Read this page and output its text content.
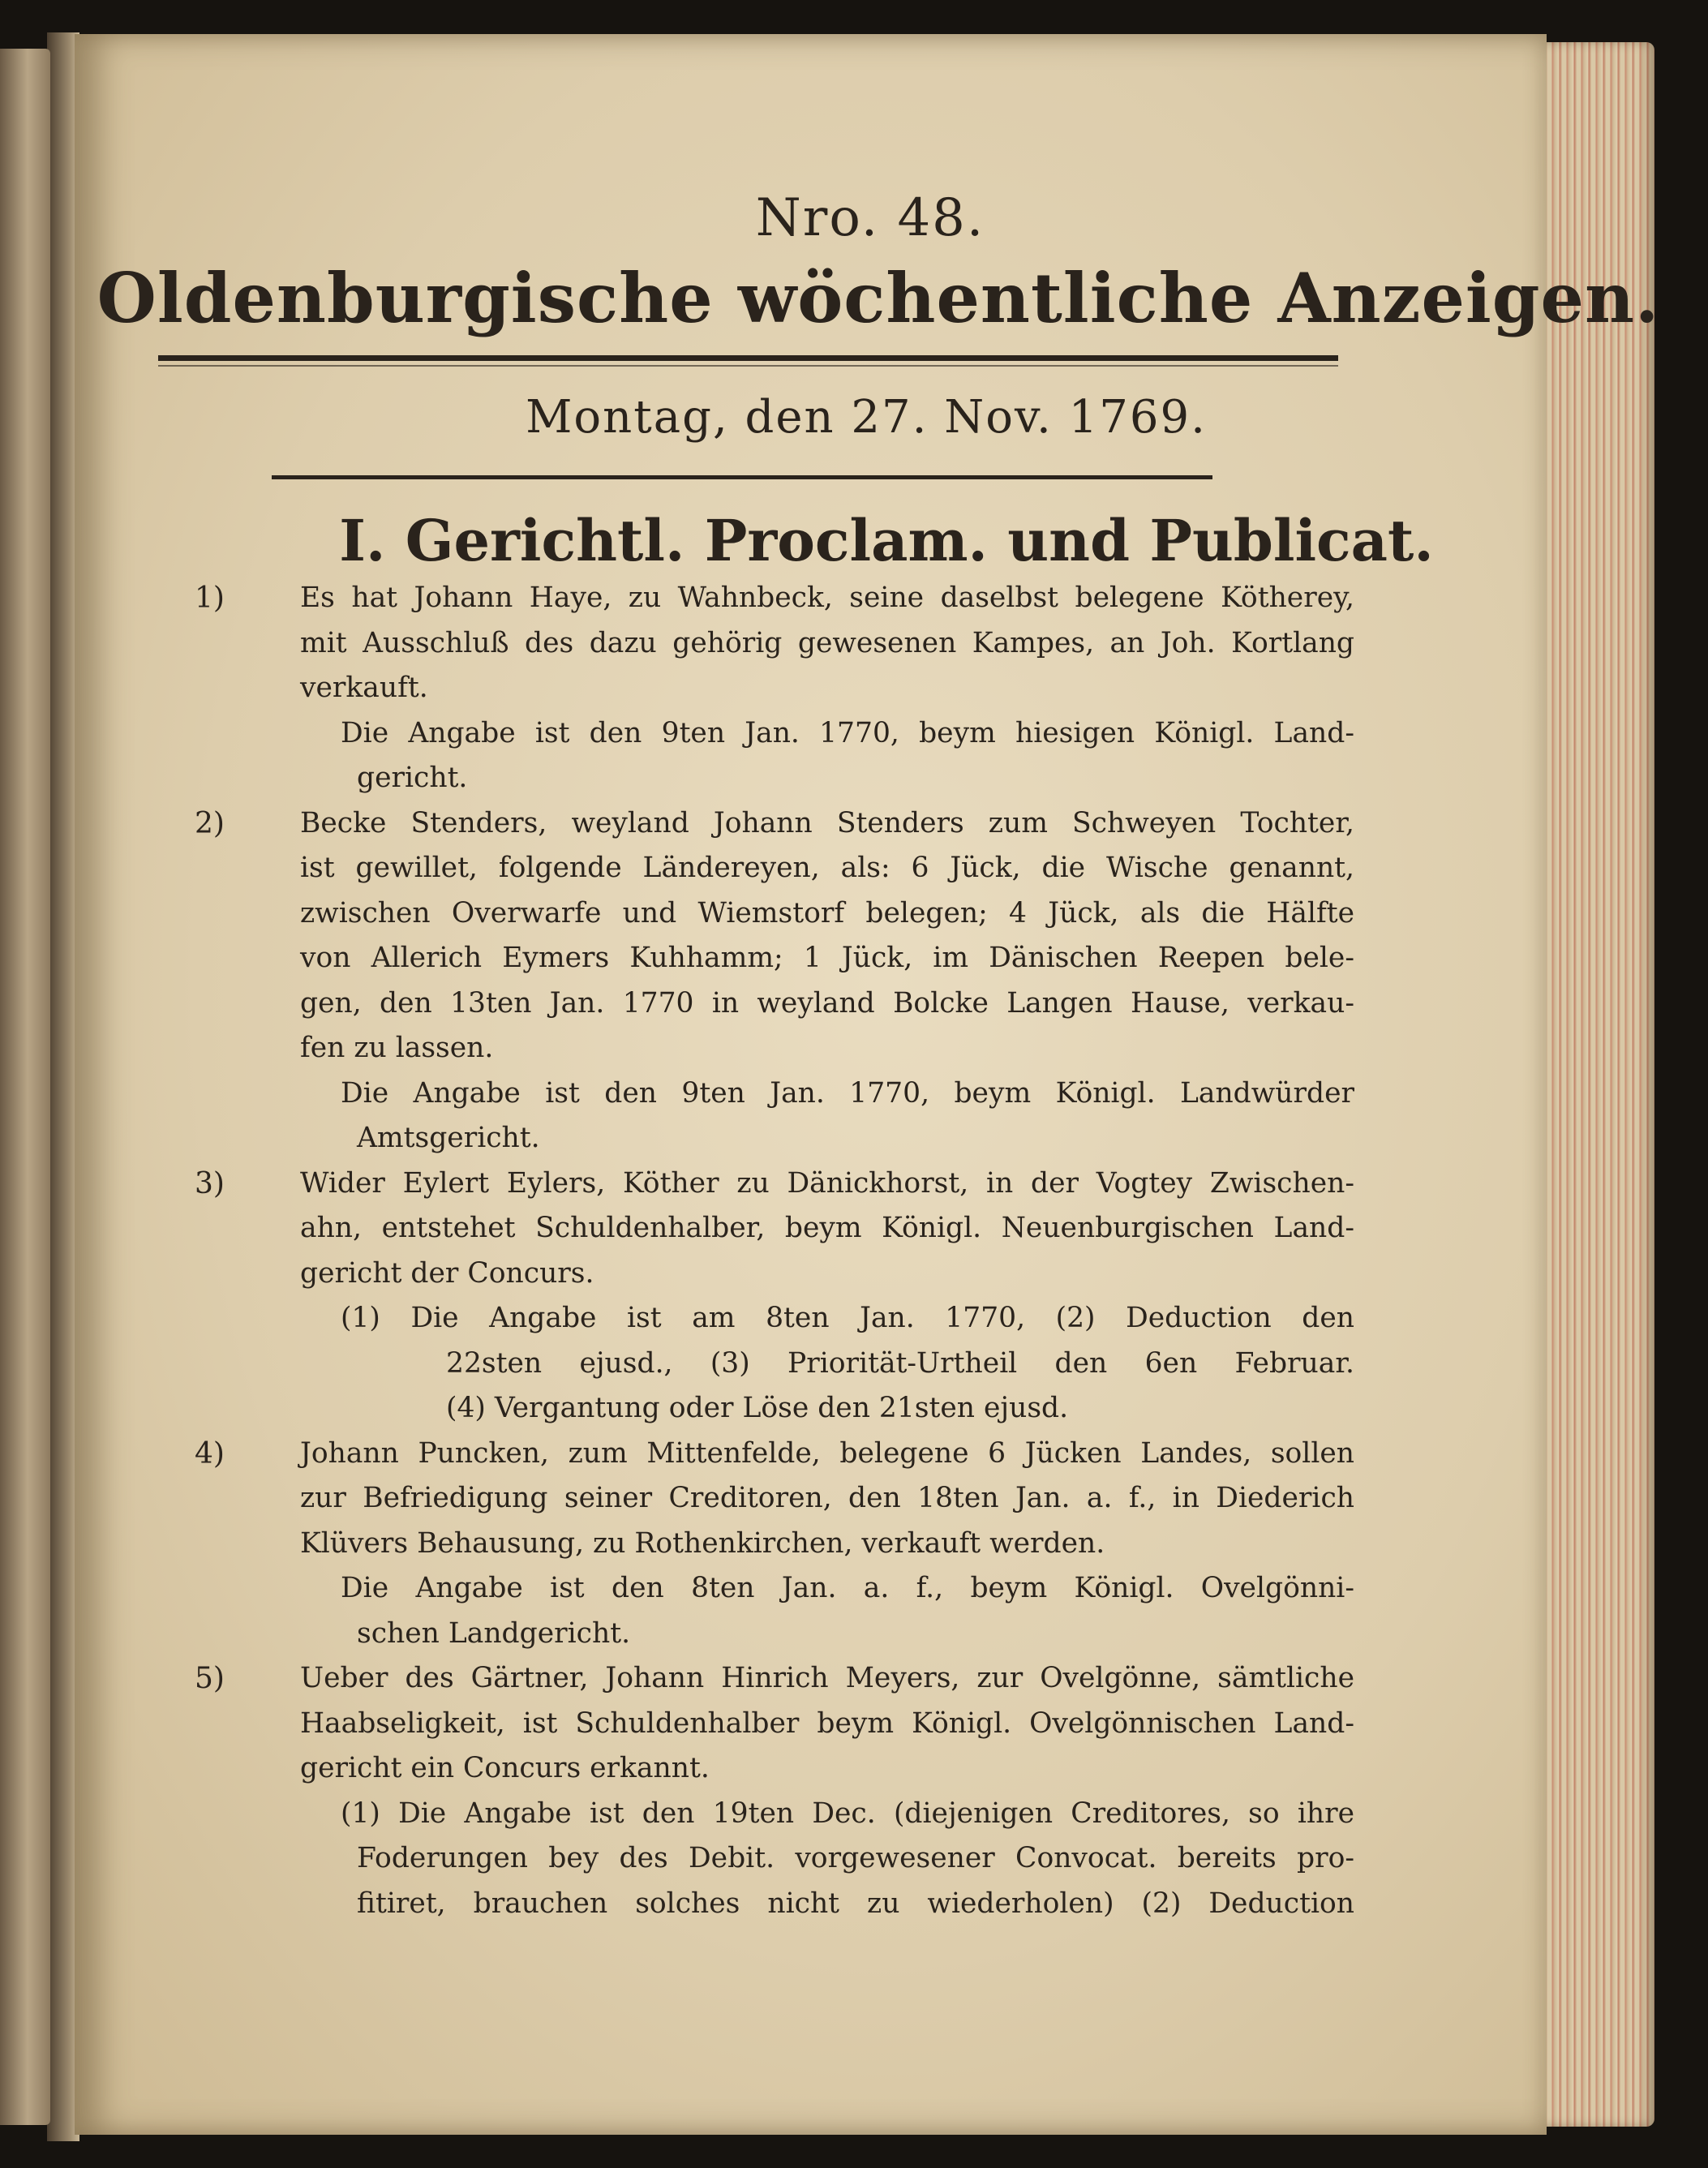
Nro. 48.
Oldenburgische wöchentliche Anzeigen.
Montag, den 27. Nov. 1769.
I. Gerichtl. Proclam. und Publicat.
1)	Es hat Johann Haye, zu Wahnbeck, seine daselbst belegene Kötherey,
mit Ausschluß des dazu gehörig gewesenen Kampes, an Joh. Kortlang
verkauft.
Die Angabe ist den 9ten Jan. 1770, beym hiesigen Königl. Land-
gericht.
2)	Becke Stenders, weyland Johann Stenders zum Schweyen Tochter,
ist gewillet, folgende Ländereyen, als: 6 Jück, die Wische genannt,
zwischen Overwarfe und Wiemstorf belegen; 4 Jück, als die Hälfte
von Allerich Eymers Kuhhamm; 1 Jück, im Dänischen Reepen bele-
gen, den 13ten Jan. 1770 in weyland Bolcke Langen Hause, verkau-
fen zu lassen.
Die Angabe ist den 9ten Jan. 1770, beym Königl. Landwürder
Amtsgericht.
3)	Wider Eylert Eylers, Köther zu Dänickhorst, in der Vogtey Zwischen-
ahn, entstehet Schuldenhalber, beym Königl. Neuenburgischen Land-
gericht der Concurs.
(1) Die Angabe ist am 8ten Jan. 1770, (2) Deduction den
22sten ejusd., (3) Priorität-Urtheil den 6en Februar.
(4) Vergantung oder Löse den 21sten ejusd.
4)	Johann Puncken, zum Mittenfelde, belegene 6 Jücken Landes, sollen
zur Befriedigung seiner Creditoren, den 18ten Jan. a. f., in Diederich
Klüvers Behausung, zu Rothenkirchen, verkauft werden.
Die Angabe ist den 8ten Jan. a. f., beym Königl. Ovelgönni-
schen Landgericht.
5)	Ueber des Gärtner, Johann Hinrich Meyers, zur Ovelgönne, sämtliche
Haabseligkeit, ist Schuldenhalber beym Königl. Ovelgönnischen Land-
gericht ein Concurs erkannt.
(1) Die Angabe ist den 19ten Dec. (diejenigen Creditores, so ihre
Foderungen bey des Debit. vorgewesener Convocat. bereits pro-
fitiret, brauchen solches nicht zu wiederholen) (2) Deduction
